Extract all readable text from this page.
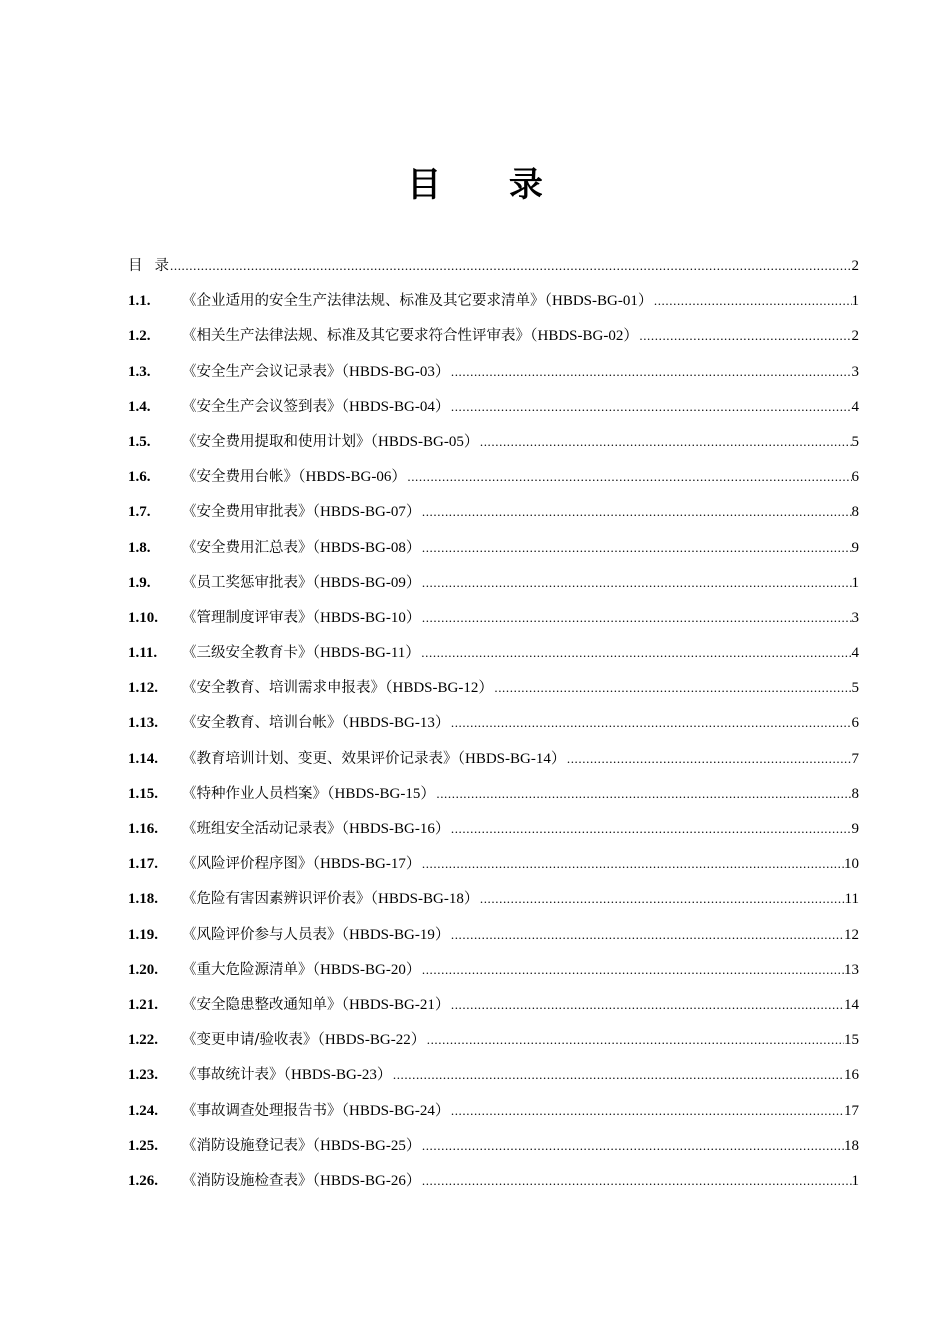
目 录
目录 .....	2
1.1.	《企业适用的安全生产法律法规、标准及其它要求清单》（HBDS-BG-01） .....	1
1.2.	《相关生产法律法规、标准及其它要求符合性评审表》（HBDS-BG-02） .....	2
1.3.	《安全生产会议记录表》（HBDS-BG-03） .....	3
1.4.	《安全生产会议签到表》（HBDS-BG-04） .....	4
1.5.	《安全费用提取和使用计划》（HBDS-BG-05） .....	5
1.6.	《安全费用台帐》（HBDS-BG-06） .....	6
1.7.	《安全费用审批表》（HBDS-BG-07） .....	8
1.8.	《安全费用汇总表》（HBDS-BG-08） .....	9
1.9.	《员工奖惩审批表》（HBDS-BG-09） .....	1
1.10.	《管理制度评审表》（HBDS-BG-10） .....	3
1.11.	《三级安全教育卡》（HBDS-BG-11） .....	4
1.12.	《安全教育、培训需求申报表》（HBDS-BG-12） .....	5
1.13.	《安全教育、培训台帐》（HBDS-BG-13） .....	6
1.14.	《教育培训计划、变更、效果评价记录表》（HBDS-BG-14） .....	7
1.15.	《特种作业人员档案》（HBDS-BG-15） .....	8
1.16.	《班组安全活动记录表》（HBDS-BG-16） .....	9
1.17.	《风险评价程序图》（HBDS-BG-17） .....	10
1.18.	《危险有害因素辨识评价表》（HBDS-BG-18） .....	11
1.19.	《风险评价参与人员表》（HBDS-BG-19） .....	12
1.20.	《重大危险源清单》（HBDS-BG-20） .....	13
1.21.	《安全隐患整改通知单》（HBDS-BG-21） .....	14
1.22.	《变更申请/验收表》（HBDS-BG-22） .....	15
1.23.	《事故统计表》（HBDS-BG-23） .....	16
1.24.	《事故调查处理报告书》（HBDS-BG-24） .....	17
1.25.	《消防设施登记表》（HBDS-BG-25） .....	18
1.26.	《消防设施检查表》（HBDS-BG-26） .....	1
